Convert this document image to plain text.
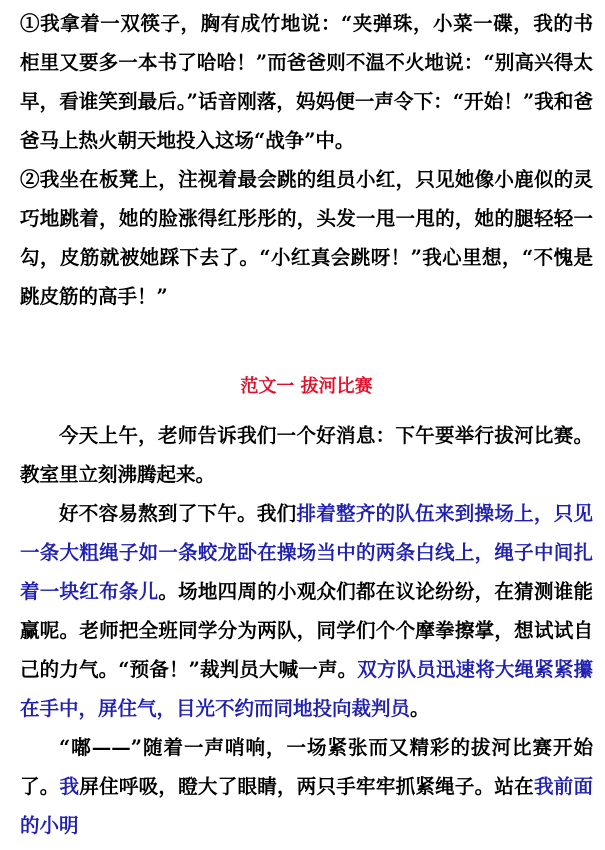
①我拿着一双筷子，胸有成竹地说：“夹弹珠，小菜一碟，我的书柜里又要多一本书了哈哈！”而爸爸则不温不火地说：“别高兴得太早，看谁笑到最后。”话音刚落，妈妈便一声令下：“开始！”我和爸爸马上热火朝天地投入这场“战争”中。

②我坐在板凳上，注视着最会跳的组员小红，只见她像小鹿似的灵巧地跳着，她的脸涨得红彤彤的，头发一甩一甩的，她的腿轻轻一勾，皮筋就被她踩下去了。“小红真会跳呀！”我心里想，“不愧是跳皮筋的高手！”

范文一 拔河比赛

今天上午，老师告诉我们一个好消息：下午要举行拔河比赛。教室里立刻沸腾起来。

好不容易熬到了下午。我们排着整齐的队伍来到操场上，只见一条大粗绳子如一条蛟龙卧在操场当中的两条白线上，绳子中间扎着一块红布条儿。场地四周的小观众们都在议论纷纷，在猜测谁能赢呢。老师把全班同学分为两队，同学们个个摩拳擦掌，想试试自己的力气。“预备！”裁判员大喊一声。双方队员迅速将大绳紧紧攥在手中，屏住气，目光不约而同地投向裁判员。

“嘟——”随着一声哨响，一场紧张而又精彩的拔河比赛开始了。我屏住呼吸，瞪大了眼睛，两只手牢牢抓紧绳子。站在我前面的小明
